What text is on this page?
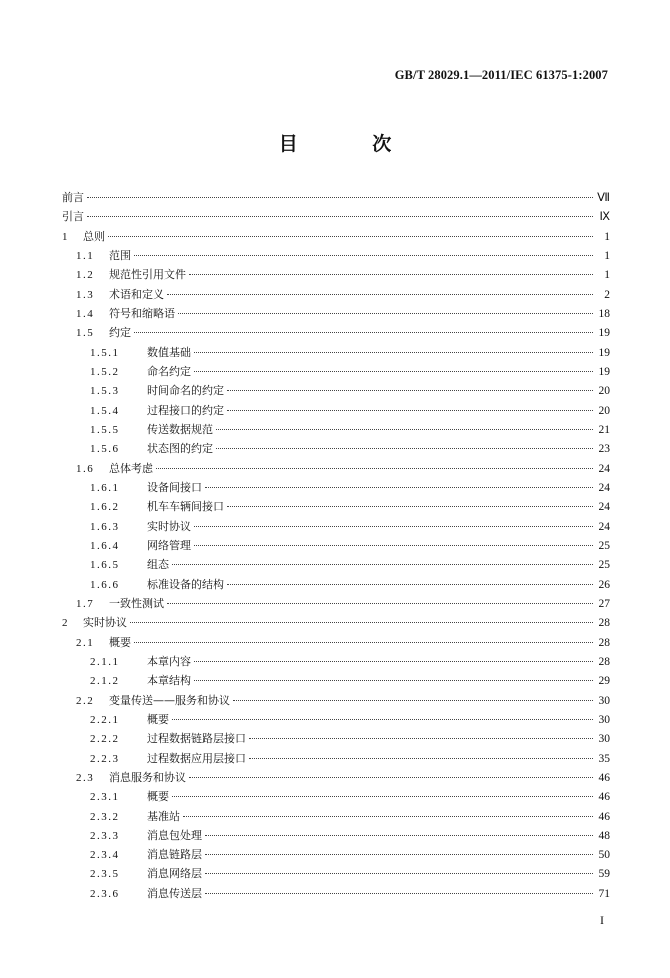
GB/T 28029.1—2011/IEC 61375-1:2007
目 次
前言	Ⅶ
引言	Ⅸ
1	总则	1
1.1	范围	1
1.2	规范性引用文件	1
1.3	术语和定义	2
1.4	符号和缩略语	18
1.5	约定	19
1.5.1	数值基础	19
1.5.2	命名约定	19
1.5.3	时间命名的约定	20
1.5.4	过程接口的约定	20
1.5.5	传送数据规范	21
1.5.6	状态图的约定	23
1.6	总体考虑	24
1.6.1	设备间接口	24
1.6.2	机车车辆间接口	24
1.6.3	实时协议	24
1.6.4	网络管理	25
1.6.5	组态	25
1.6.6	标准设备的结构	26
1.7	一致性测试	27
2	实时协议	28
2.1	概要	28
2.1.1	本章内容	28
2.1.2	本章结构	29
2.2	变量传送——服务和协议	30
2.2.1	概要	30
2.2.2	过程数据链路层接口	30
2.2.3	过程数据应用层接口	35
2.3	消息服务和协议	46
2.3.1	概要	46
2.3.2	基准站	46
2.3.3	消息包处理	48
2.3.4	消息链路层	50
2.3.5	消息网络层	59
2.3.6	消息传送层	71
I
